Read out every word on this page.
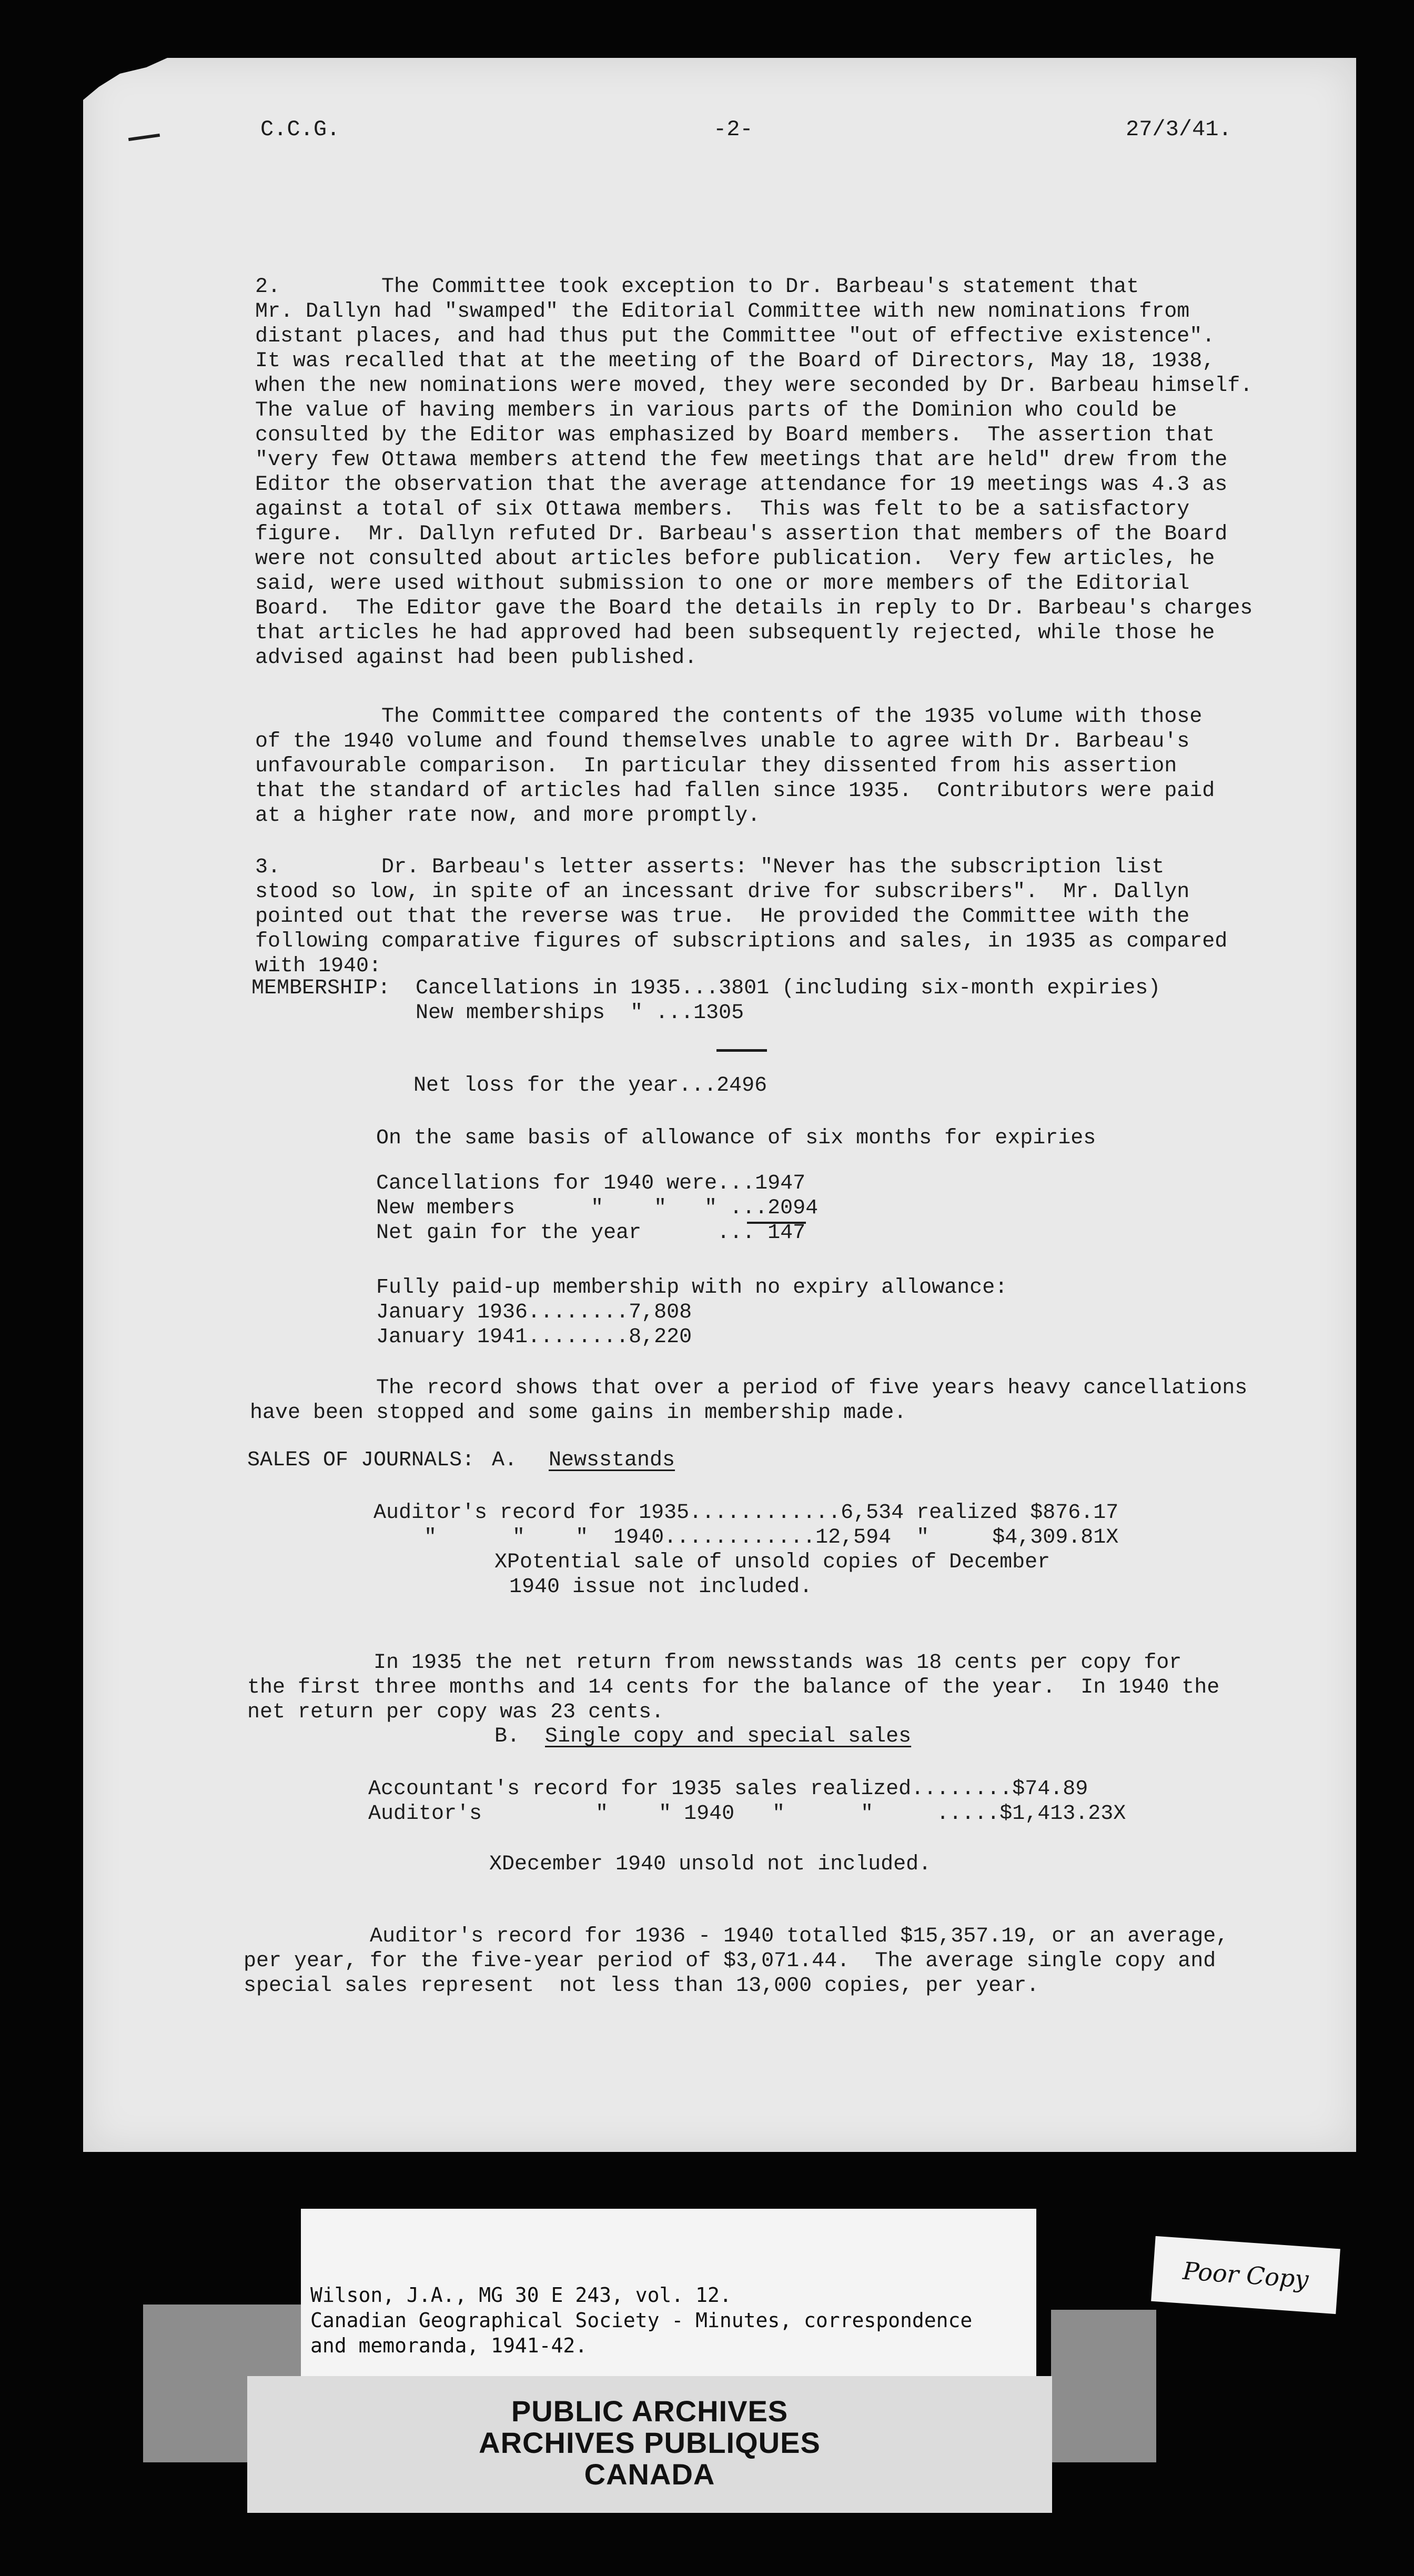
C.C.G.	-2-	27/3/41.

2.        The Committee took exception to Dr. Barbeau's statement that
Mr. Dallyn had "swamped" the Editorial Committee with new nominations from
distant places, and had thus put the Committee "out of effective existence".
It was recalled that at the meeting of the Board of Directors, May 18, 1938,
when the new nominations were moved, they were seconded by Dr. Barbeau himself.
The value of having members in various parts of the Dominion who could be
consulted by the Editor was emphasized by Board members.  The assertion that
"very few Ottawa members attend the few meetings that are held" drew from the
Editor the observation that the average attendance for 19 meetings was 4.3 as
against a total of six Ottawa members.  This was felt to be a satisfactory
figure.  Mr. Dallyn refuted Dr. Barbeau's assertion that members of the Board
were not consulted about articles before publication.  Very few articles, he
said, were used without submission to one or more members of the Editorial
Board.  The Editor gave the Board the details in reply to Dr. Barbeau's charges
that articles he had approved had been subsequently rejected, while those he
advised against had been published.

The Committee compared the contents of the 1935 volume with those
of the 1940 volume and found themselves unable to agree with Dr. Barbeau's
unfavourable comparison.  In particular they dissented from his assertion
that the standard of articles had fallen since 1935.  Contributors were paid
at a higher rate now, and more promptly.

3.        Dr. Barbeau's letter asserts: "Never has the subscription list
stood so low, in spite of an incessant drive for subscribers".  Mr. Dallyn
pointed out that the reverse was true.  He provided the Committee with the
following comparative figures of subscriptions and sales, in 1935 as compared
with 1940:

MEMBERSHIP: Cancellations in 1935...3801 (including six-month expiries)
New memberships  " ...1305
Net loss for the year...2496
On the same basis of allowance of six months for expiries
Cancellations for 1940 were...1947
New members      "    "   " ...2094
Net gain for the year      ... 147
Fully paid-up membership with no expiry allowance:
January 1936........7,808
January 1941........8,220
The record shows that over a period of five years heavy cancellations
have been stopped and some gains in membership made.
SALES OF JOURNALS: A. Newsstands
Auditor's record for 1935............6,534 realized $876.17
"      "    "  1940............12,594  "     $4,309.81X
XPotential sale of unsold copies of December
1940 issue not included.

In 1935 the net return from newsstands was 18 cents per copy for
the first three months and 14 cents for the balance of the year.  In 1940 the
net return per copy was 23 cents.

B. Single copy and special sales
Accountant's record for 1935 sales realized........$74.89
Auditor's         "    " 1940   "      "     .....$1,413.23X
XDecember 1940 unsold not included.

Auditor's record for 1936 - 1940 totalled $15,357.19, or an average,
per year, for the five-year period of $3,071.44.  The average single copy and
special sales represent  not less than 13,000 copies, per year.

Wilson, J.A., MG 30 E 243, vol. 12.
Canadian Geographical Society - Minutes, correspondence
and memoranda, 1941-42.

Poor Copy
PUBLIC ARCHIVES
ARCHIVES PUBLIQUES
CANADA
